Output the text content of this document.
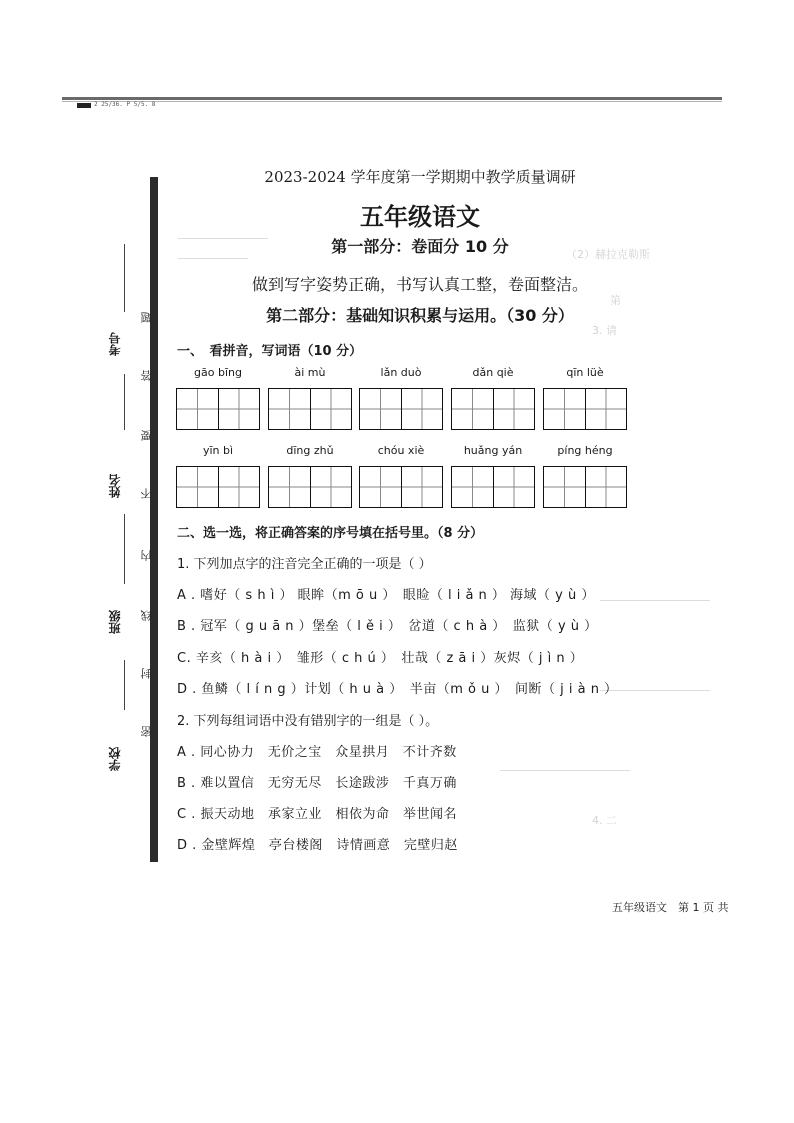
2 25/36. P 5/5. 8
（2）赫拉克勒斯
第
3. 请
4. 二
考号
姓名
班级
学校
题
答
要
不
内
线
封
密
2023-2024 学年度第一学期期中教学质量调研
五年级语文
第一部分：卷面分 10 分
做到写字姿势正确，书写认真工整，卷面整洁。
第二部分：基础知识积累与运用。（30 分）
一、　看拼音，写词语（10 分）
gāo bīng	ài mù	lǎn duò	dǎn qiè	qīn lüè
yīn bì	dīng zhǔ	chóu xiè	huǎng yán	píng héng
二、选一选，将正确答案的序号填在括号里。（8 分）
1. 下列加点字的注音完全正确的一项是（ ）
A . 嗜好（ s h ì ） 眼眸（m ō u ）　眼睑（ l i ǎ n ） 海域（ y ù ）
B . 冠军（ g u ā n ）堡垒（ l ě i ）　岔道（ c h à ）　监狱（ y ù ）
C. 辛亥（ h à i ）　雏形（ c h ú ）　壮哉（ z ā i ）灰烬（ j ì n ）
D . 鱼鳞（ l í n g ）计划（ h u à ）　半亩（m ǒ u ）　间断（ j i à n ）
2. 下列每组词语中没有错别字的一组是（ ）。
A . 同心协力　无价之宝　众星拱月　不计齐数
B . 难以置信　无穷无尽　长途跋涉　千真万确
C . 振天动地　承家立业　相依为命　举世闻名
D . 金壁辉煌　亭台楼阁　诗情画意　完壁归赵
五年级语文　第 1 页 共
